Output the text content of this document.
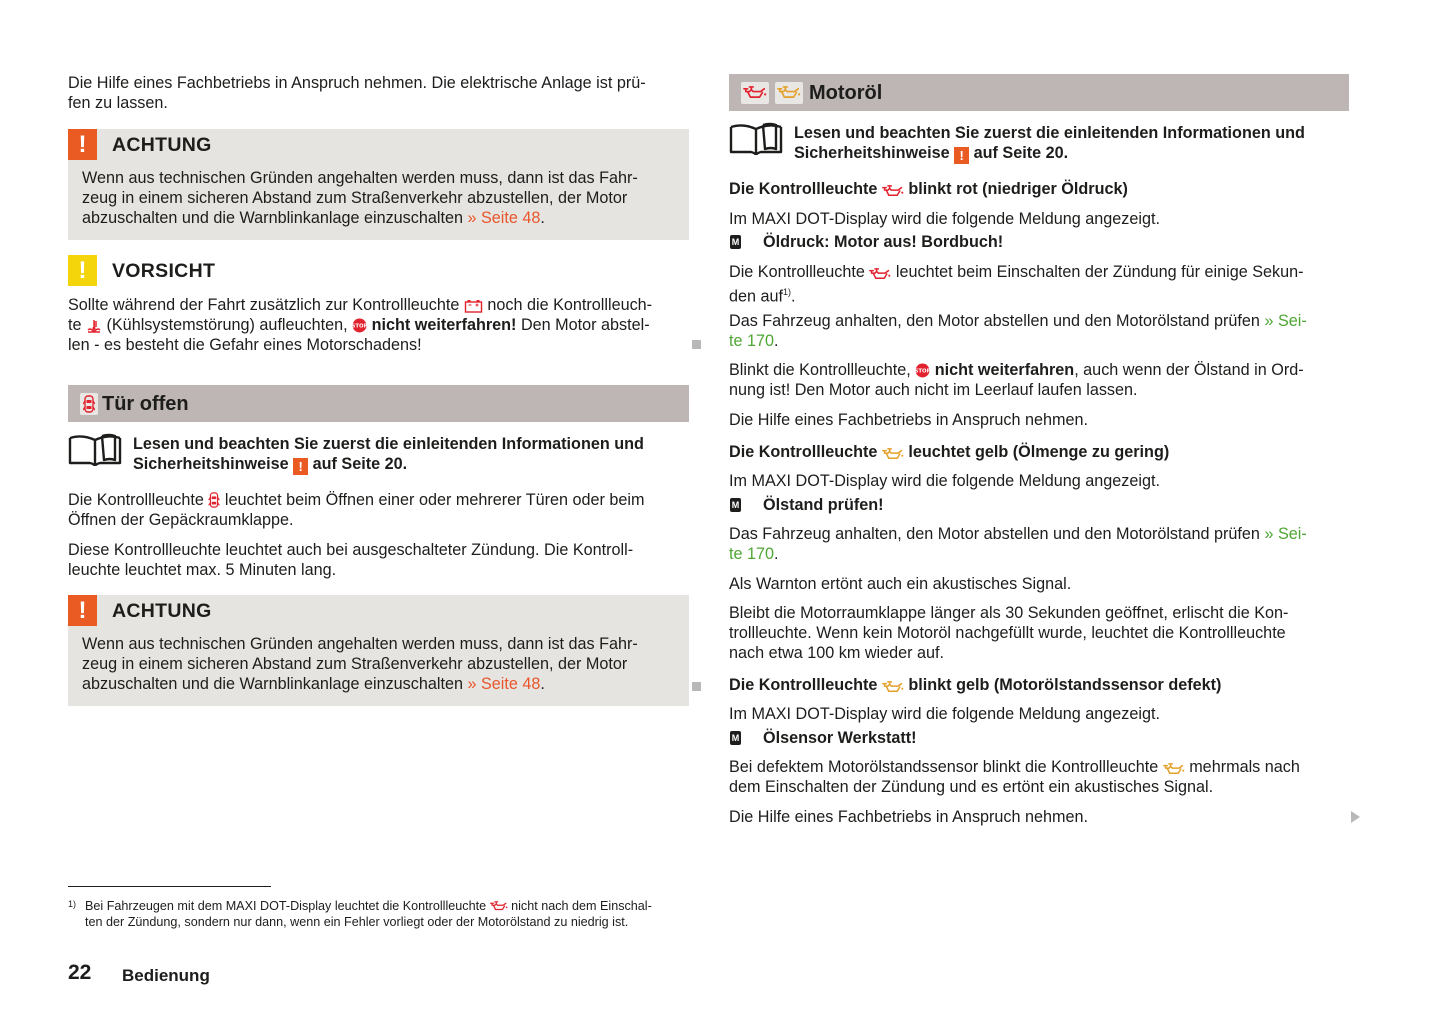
Die Hilfe eines Fachbetriebs in Anspruch nehmen. Die elektrische Anlage ist prü-
fen zu lassen.

!	ACHTUNG
Wenn aus technischen Gründen angehalten werden muss, dann ist das Fahr-
zeug in einem sicheren Abstand zum Straßenverkehr abzustellen, der Motor
abzuschalten und die Warnblinkanlage einzuschalten » Seite 48.
!	VORSICHT

Sollte während der Fahrt zusätzlich zur Kontrollleuchte  noch die Kontrollleuch-
te  (Kühlsystemstörung) aufleuchten,  nicht weiterfahren! Den Motor abstel-
len - es besteht die Gefahr eines Motorschadens!

Tür offen
Lesen und beachten Sie zuerst die einleitenden Informationen und
Sicherheitshinweise ! auf Seite 20.

Die Kontrollleuchte  leuchtet beim Öffnen einer oder mehrerer Türen oder beim
Öffnen der Gepäckraumklappe.

Diese Kontrollleuchte leuchtet auch bei ausgeschalteter Zündung. Die Kontroll-
leuchte leuchtet max. 5 Minuten lang.

!	ACHTUNG
Wenn aus technischen Gründen angehalten werden muss, dann ist das Fahr-
zeug in einem sicheren Abstand zum Straßenverkehr abzustellen, der Motor
abzuschalten und die Warnblinkanlage einzuschalten » Seite 48.
Motoröl
Lesen und beachten Sie zuerst die einleitenden Informationen und
Sicherheitshinweise ! auf Seite 20.

Die Kontrollleuchte  blinkt rot (niedriger Öldruck)

Im MAXI DOT-Display wird die folgende Meldung angezeigt.

M Öldruck: Motor aus! Bordbuch!

Die Kontrollleuchte  leuchtet beim Einschalten der Zündung für einige Sekun-
den auf$^{1)}$.

Das Fahrzeug anhalten, den Motor abstellen und den Motorölstand prüfen » Sei-
te 170.

Blinkt die Kontrollleuchte,  nicht weiterfahren, auch wenn der Ölstand in Ord-
nung ist! Den Motor auch nicht im Leerlauf laufen lassen.

Die Hilfe eines Fachbetriebs in Anspruch nehmen.

Die Kontrollleuchte  leuchtet gelb (Ölmenge zu gering)

Im MAXI DOT-Display wird die folgende Meldung angezeigt.

M Ölstand prüfen!

Das Fahrzeug anhalten, den Motor abstellen und den Motorölstand prüfen » Sei-
te 170.

Als Warnton ertönt auch ein akustisches Signal.

Bleibt die Motorraumklappe länger als 30 Sekunden geöffnet, erlischt die Kon-
trollleuchte. Wenn kein Motoröl nachgefüllt wurde, leuchtet die Kontrollleuchte
nach etwa 100 km wieder auf.

Die Kontrollleuchte  blinkt gelb (Motorölstandssensor defekt)

Im MAXI DOT-Display wird die folgende Meldung angezeigt.

M Ölsensor Werkstatt!

Bei defektem Motorölstandssensor blinkt die Kontrollleuchte  mehrmals nach
dem Einschalten der Zündung und es ertönt ein akustisches Signal.

Die Hilfe eines Fachbetriebs in Anspruch nehmen.

1) Bei Fahrzeugen mit dem MAXI DOT-Display leuchtet die Kontrollleuchte  nicht nach dem Einschal-
ten der Zündung, sondern nur dann, wenn ein Fehler vorliegt oder der Motorölstand zu niedrig ist.
22 Bedienung
